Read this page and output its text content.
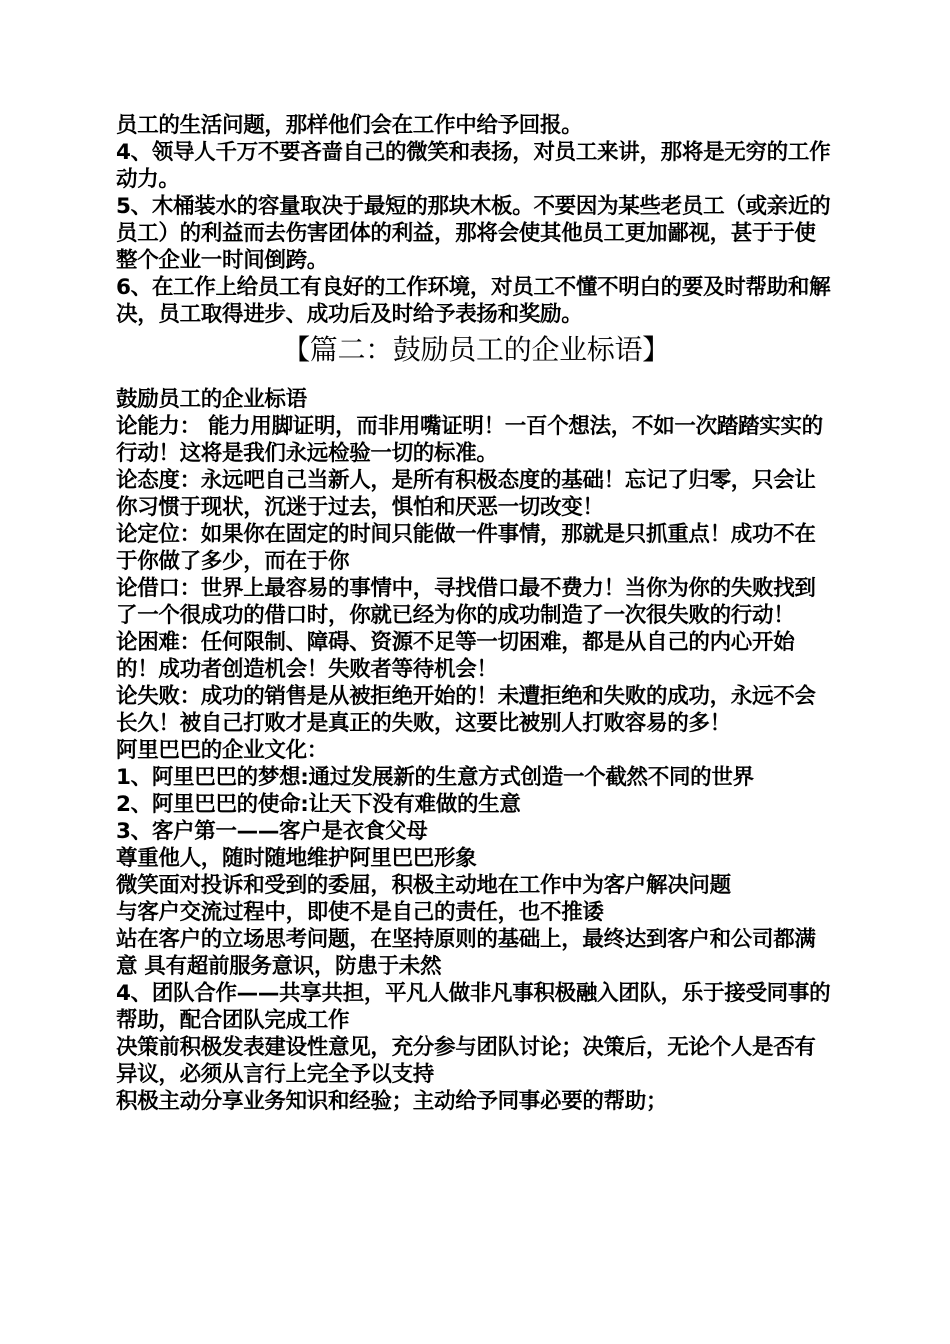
员工的生活问题，那样他们会在工作中给予回报。

4、领导人千万不要吝啬自己的微笑和表扬，对员工来讲，那将是无穷的工作动力。

5、木桶装水的容量取决于最短的那块木板。不要因为某些老员工（或亲近的员工）的利益而去伤害团体的利益，那将会使其他员工更加鄙视，甚于于使整个企业一时间倒跨。

6、在工作上给员工有良好的工作环境，对员工不懂不明白的要及时帮助和解决，员工取得进步、成功后及时给予表扬和奖励。

【篇二：鼓励员工的企业标语】

鼓励员工的企业标语

论能力： 能力用脚证明，而非用嘴证明！一百个想法，不如一次踏踏实实的行动！这将是我们永远检验一切的标准。

论态度：永远吧自己当新人，是所有积极态度的基础！忘记了归零，只会让你习惯于现状，沉迷于过去，惧怕和厌恶一切改变！

论定位：如果你在固定的时间只能做一件事情，那就是只抓重点！成功不在于你做了多少，而在于你

论借口：世界上最容易的事情中，寻找借口最不费力！当你为你的失败找到了一个很成功的借口时，你就已经为你的成功制造了一次很失败的行动！

论困难：任何限制、障碍、资源不足等一切困难，都是从自己的内心开始的！成功者创造机会！失败者等待机会！

论失败：成功的销售是从被拒绝开始的！未遭拒绝和失败的成功，永远不会长久！被自己打败才是真正的失败，这要比被别人打败容易的多！

阿里巴巴的企业文化：

1、阿里巴巴的梦想:通过发展新的生意方式创造一个截然不同的世界

2、阿里巴巴的使命:让天下没有难做的生意

3、客户第一——客户是衣食父母

尊重他人，随时随地维护阿里巴巴形象

微笑面对投诉和受到的委屈，积极主动地在工作中为客户解决问题

与客户交流过程中，即使不是自己的责任，也不推诿

站在客户的立场思考问题，在坚持原则的基础上，最终达到客户和公司都满意 具有超前服务意识，防患于未然

4、团队合作——共享共担，平凡人做非凡事积极融入团队，乐于接受同事的帮助，配合团队完成工作

决策前积极发表建设性意见，充分参与团队讨论；决策后，无论个人是否有异议，必须从言行上完全予以支持

积极主动分享业务知识和经验；主动给予同事必要的帮助；
